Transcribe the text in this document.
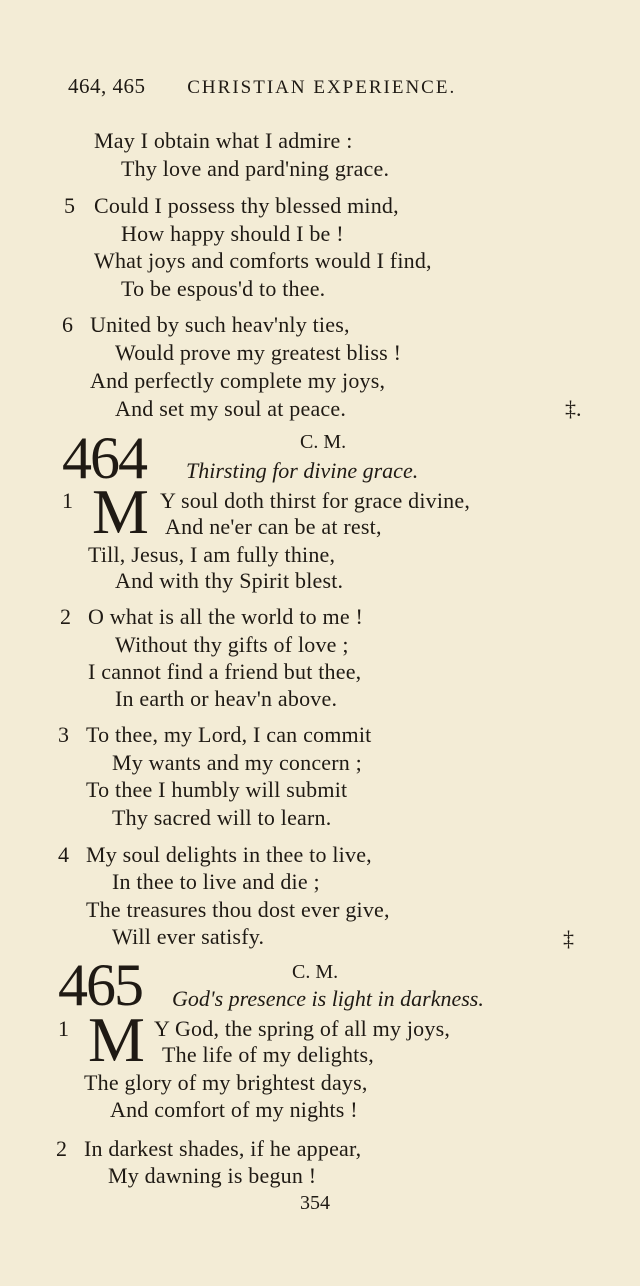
464, 465 CHRISTIAN EXPERIENCE.
May I obtain what I admire :
Thy love and pard'ning grace.
5 Could I possess thy blessed mind,
How happy should I be !
What joys and comforts would I find,
To be espous'd to thee.
6 United by such heav'nly ties,
Would prove my greatest bliss !
And perfectly complete my joys,
And set my soul at peace.	‡.
464	C. M.
Thirsting for divine grace.
1 M Y soul doth thirst for grace divine,
And ne'er can be at rest,
Till, Jesus, I am fully thine,
And with thy Spirit blest.
2 O what is all the world to me !
Without thy gifts of love ;
I cannot find a friend but thee,
In earth or heav'n above.
3 To thee, my Lord, I can commit
My wants and my concern ;
To thee I humbly will submit
Thy sacred will to learn.
4 My soul delights in thee to live,
In thee to live and die ;
The treasures thou dost ever give,
Will ever satisfy.	‡
465	C. M.
God's presence is light in darkness.
1 M Y God, the spring of all my joys,
The life of my delights,
The glory of my brightest days,
And comfort of my nights !
2 In darkest shades, if he appear,
My dawning is begun !
354
